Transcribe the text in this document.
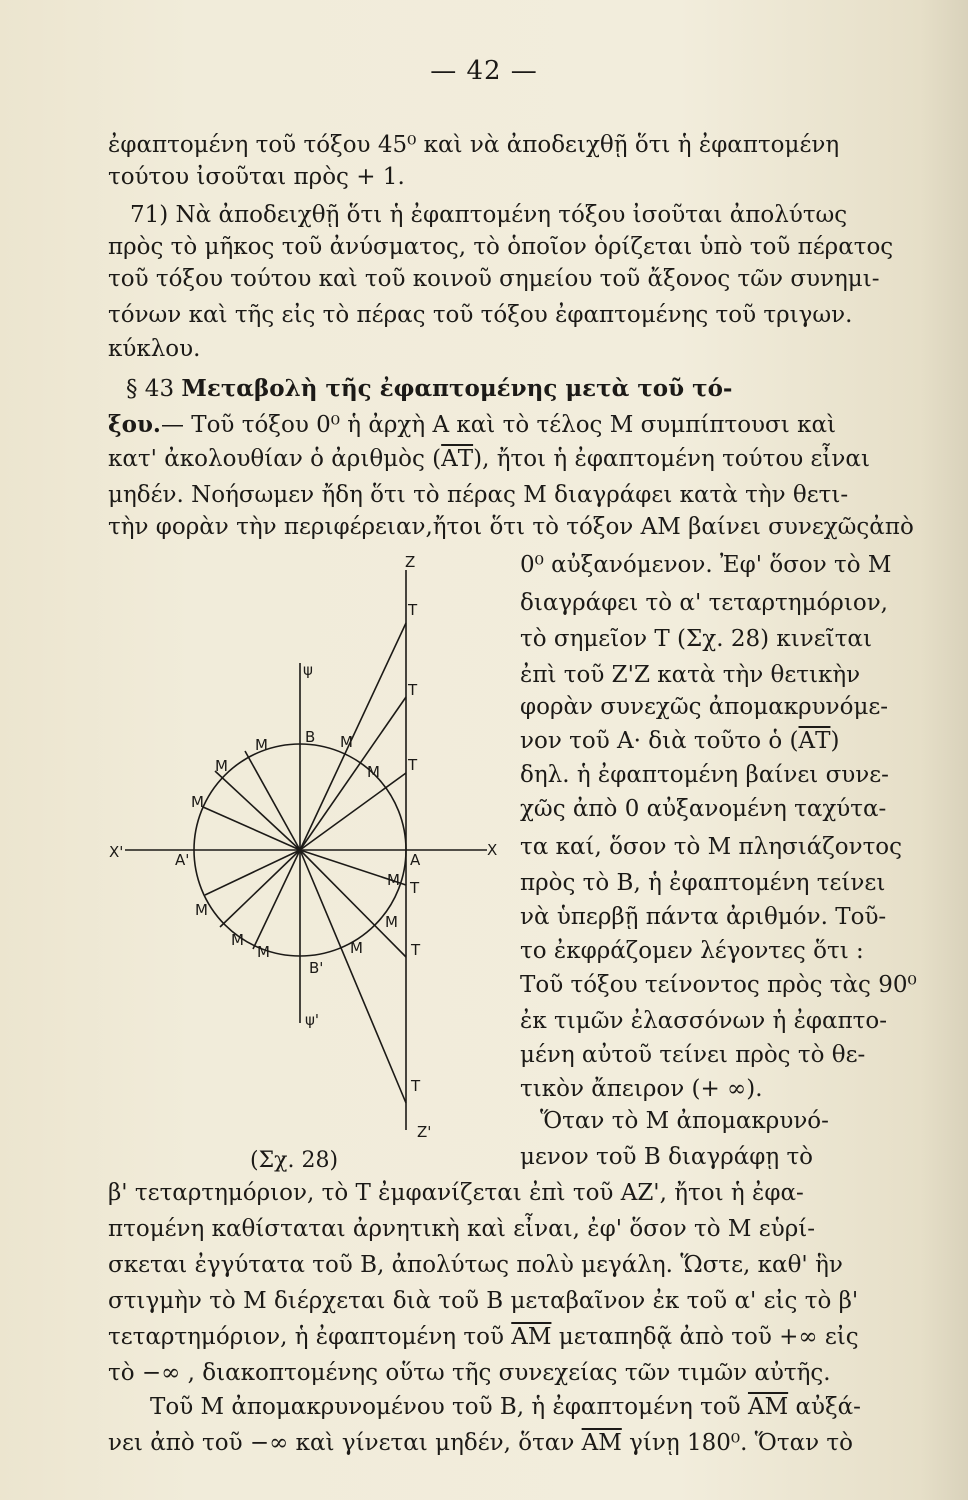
— 42 —
ἐφαπτομένη τοῦ τόξου 45⁰ καὶ νὰ ἀποδειχθῇ ὅτι ἡ ἐφαπτομένη
τούτου ἰσοῦται πρὸς + 1.
71) Νὰ ἀποδειχθῇ ὅτι ἡ ἐφαπτομένη τόξου ἰσοῦται ἀπολύτως
πρὸς τὸ μῆκος τοῦ ἀνύσματος, τὸ ὁποῖον ὁρίζεται ὑπὸ τοῦ πέρατος
τοῦ τόξου τούτου καὶ τοῦ κοινοῦ σημείου τοῦ ἄξονος τῶν συνημι-
τόνων καὶ τῆς εἰς τὸ πέρας τοῦ τόξου ἐφαπτομένης τοῦ τριγων.
κύκλου.
§ 43 Μεταβολὴ τῆς ἐφαπτομένης μετὰ τοῦ τό-
ξου.— Τοῦ τόξου 0⁰ ἡ ἀρχὴ Α καὶ τὸ τέλος Μ συμπίπτουσι καὶ
κατ' ἀκολουθίαν ὁ ἀριθμὸς $(\overline{AT})$, ἤτοι ἡ ἐφαπτομένη τούτου εἶναι
μηδέν. Νοήσωμεν ἤδη ὅτι τὸ πέρας Μ διαγράφει κατὰ τὴν θετι-
τὴν φορὰν τὴν περιφέρειαν,ἤτοι ὅτι τὸ τόξον ΑΜ βαίνει συνεχῶςἀπὸ
0⁰ αὐξανόμενον. Ἐφ' ὅσον τὸ Μ
διαγράφει τὸ α' τεταρτημόριον,
τὸ σημεῖον Τ (Σχ. 28) κινεῖται
ἐπὶ τοῦ Ζ'Ζ κατὰ τὴν θετικὴν
φορὰν συνεχῶς ἀπομακρυνόμε-
νον τοῦ Α· διὰ τοῦτο ὁ $(\overline{AT})$
δηλ. ἡ ἐφαπτομένη βαίνει συνε-
χῶς ἀπὸ 0 αὐξανομένη ταχύτα-
τα καί, ὅσον τὸ Μ πλησιάζοντος
πρὸς τὸ Β, ἡ ἐφαπτομένη τείνει
νὰ ὑπερβῇ πάντα ἀριθμόν. Τοῦ-
το ἐκφράζομεν λέγοντες ὅτι :
Τοῦ τόξου τείνοντος πρὸς τὰς 90⁰
ἐκ τιμῶν ἐλασσόνων ἡ ἐφαπτο-
μένη αὐτοῦ τείνει πρὸς τὸ θε-
τικὸν ἄπειρον (+ ∞).
Ὅταν τὸ Μ ἀπομακρυνό-
μενον τοῦ Β διαγράφῃ τὸ
Z
ψ
ψ'
X
X'	A
A'
B
B'
Z'
T
T
T
T
T
T
M
M
M
M
M
M
M
M
M
M
M
(Σχ. 28)
β' τεταρτημόριον, τὸ Τ ἐμφανίζεται ἐπὶ τοῦ ΑΖ', ἤτοι ἡ ἐφα-
πτομένη καθίσταται ἀρνητικὴ καὶ εἶναι, ἐφ' ὅσον τὸ Μ εὑρί-
σκεται ἐγγύτατα τοῦ Β, ἀπολύτως πολὺ μεγάλη. Ὥστε, καθ' ἣν
στιγμὴν τὸ Μ διέρχεται διὰ τοῦ Β μεταβαῖνον ἐκ τοῦ α' εἰς τὸ β'
τεταρτημόριον, ἡ ἐφαπτομένη τοῦ $\overline{AM}$ μεταπηδᾷ ἀπὸ τοῦ +∞ εἰς
τὸ −∞ , διακοπτομένης οὕτω τῆς συνεχείας τῶν τιμῶν αὐτῆς.
Τοῦ Μ ἀπομακρυνομένου τοῦ Β, ἡ ἐφαπτομένη τοῦ $\overline{AM}$ αὐξά-
νει ἀπὸ τοῦ −∞ καὶ γίνεται μηδέν, ὅταν $\overline{AM}$ γίνῃ 180⁰. Ὅταν τὸ
